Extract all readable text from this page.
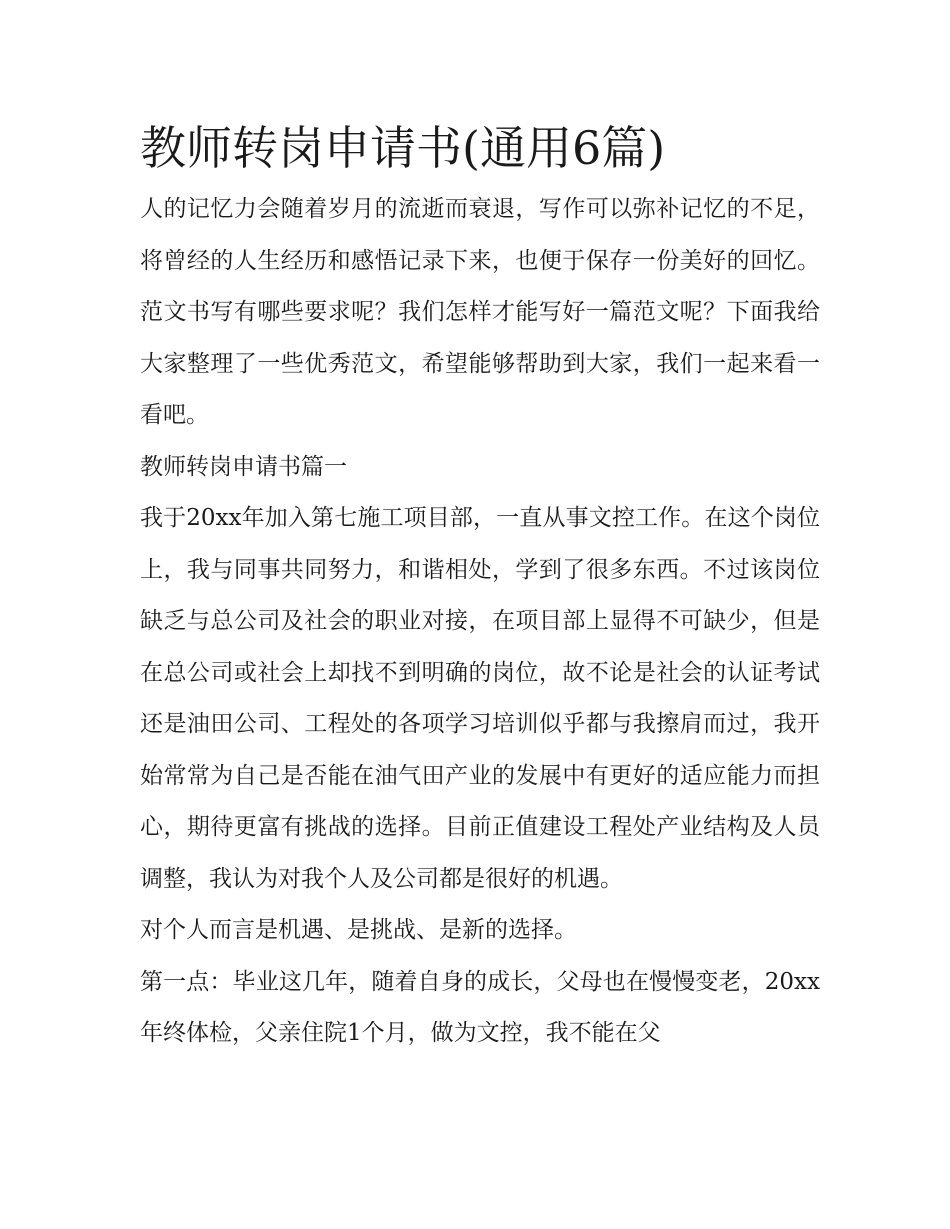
教师转岗申请书(通用6篇)

人的记忆力会随着岁月的流逝而衰退，写作可以弥补记忆的不足，将曾经的人生经历和感悟记录下来，也便于保存一份美好的回忆。范文书写有哪些要求呢？我们怎样才能写好一篇范文呢？下面我给大家整理了一些优秀范文，希望能够帮助到大家，我们一起来看一看吧。

教师转岗申请书篇一

我于20xx年加入第七施工项目部，一直从事文控工作。在这个岗位上，我与同事共同努力，和谐相处，学到了很多东西。不过该岗位缺乏与总公司及社会的职业对接，在项目部上显得不可缺少，但是在总公司或社会上却找不到明确的岗位，故不论是社会的认证考试还是油田公司、工程处的各项学习培训似乎都与我擦肩而过，我开始常常为自己是否能在油气田产业的发展中有更好的适应能力而担心，期待更富有挑战的选择。目前正值建设工程处产业结构及人员调整，我认为对我个人及公司都是很好的机遇。

对个人而言是机遇、是挑战、是新的选择。

第一点：毕业这几年，随着自身的成长，父母也在慢慢变老，20xx年终体检，父亲住院1个月，做为文控，我不能在父
